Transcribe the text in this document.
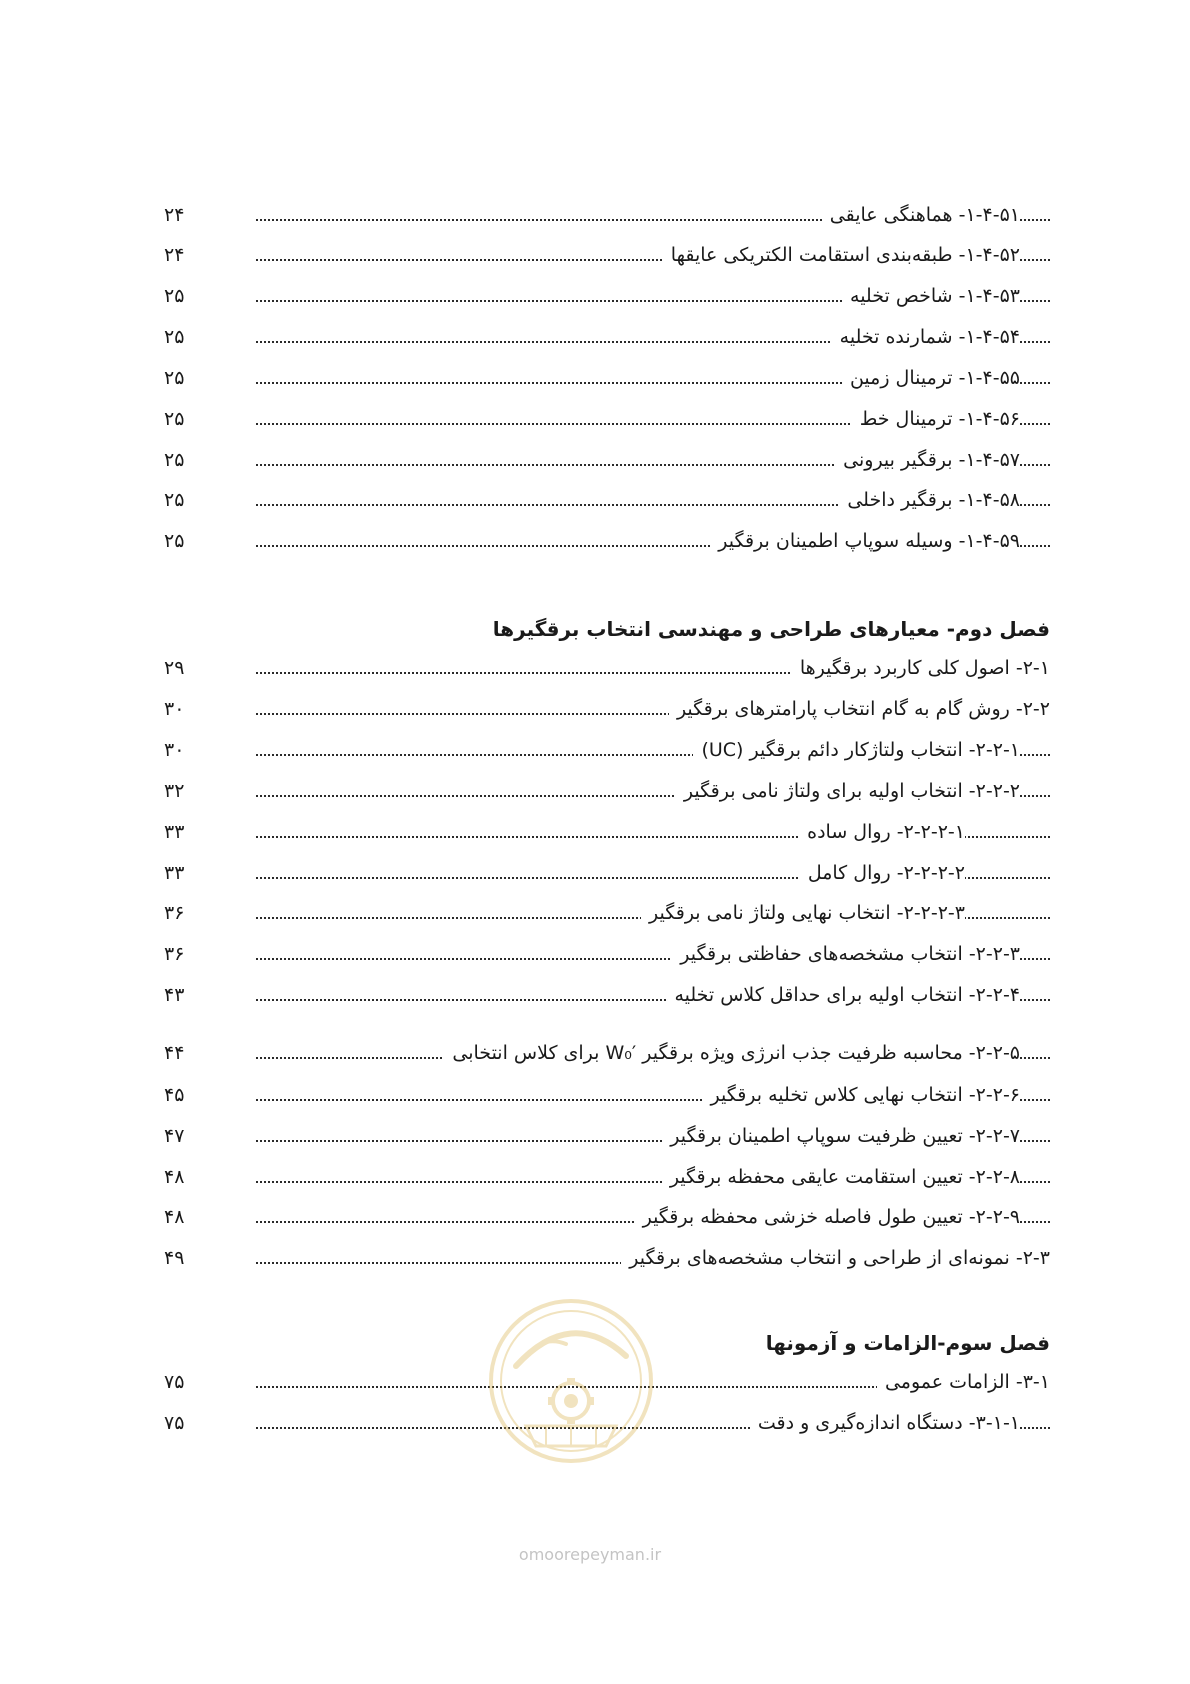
۲۴	۱-۴-۵۱- هماهنگی عایقی
۲۴	۱-۴-۵۲- طبقه‌بندی استقامت الکتریکی عایقها
۲۵	۱-۴-۵۳- شاخص تخلیه
۲۵	۱-۴-۵۴- شمارنده تخلیه
۲۵	۱-۴-۵۵- ترمینال زمین
۲۵	۱-۴-۵۶- ترمینال خط
۲۵	۱-۴-۵۷- برقگیر بیرونی
۲۵	۱-۴-۵۸- برقگیر داخلی
۲۵	۱-۴-۵۹- وسیله سوپاپ اطمینان برقگیر
فصل دوم- معیارهای طراحی و مهندسی انتخاب برقگیرها
۲۹	۲-۱- اصول کلی کاربرد برقگیرها
۳۰	۲-۲- روش گام به گام انتخاب پارامترهای برقگیر
۳۰	۲-۲-۱- انتخاب ولتاژکار دائم برقگیر (UC)
۳۲	۲-۲-۲- انتخاب اولیه برای ولتاژ نامی برقگیر
۳۳	۲-۲-۲-۱- روال ساده
۳۳	۲-۲-۲-۲- روال کامل
۳۶	۲-۲-۲-۳- انتخاب نهایی ولتاژ نامی برقگیر
۳۶	۲-۲-۳- انتخاب مشخصه‌های حفاظتی برقگیر
۴۳	۲-۲-۴- انتخاب اولیه برای حداقل کلاس تخلیه
۴۴	۲-۲-۵- محاسبه ظرفیت جذب انرژی ویژه برقگیر W₀′ برای کلاس انتخابی
۴۵	۲-۲-۶- انتخاب نهایی کلاس تخلیه برقگیر
۴۷	۲-۲-۷- تعیین ظرفیت سوپاپ اطمینان برقگیر
۴۸	۲-۲-۸- تعیین استقامت عایقی محفظه برقگیر
۴۸	۲-۲-۹- تعیین طول فاصله خزشی محفظه برقگیر
۴۹	۲-۳- نمونه‌ای از طراحی و انتخاب مشخصه‌های برقگیر
فصل سوم-الزامات و آزمونها
۷۵	۳-۱- الزامات عمومی
۷۵	۳-۱-۱- دستگاه اندازه‌گیری و دقت
omoorepeyman.ir
